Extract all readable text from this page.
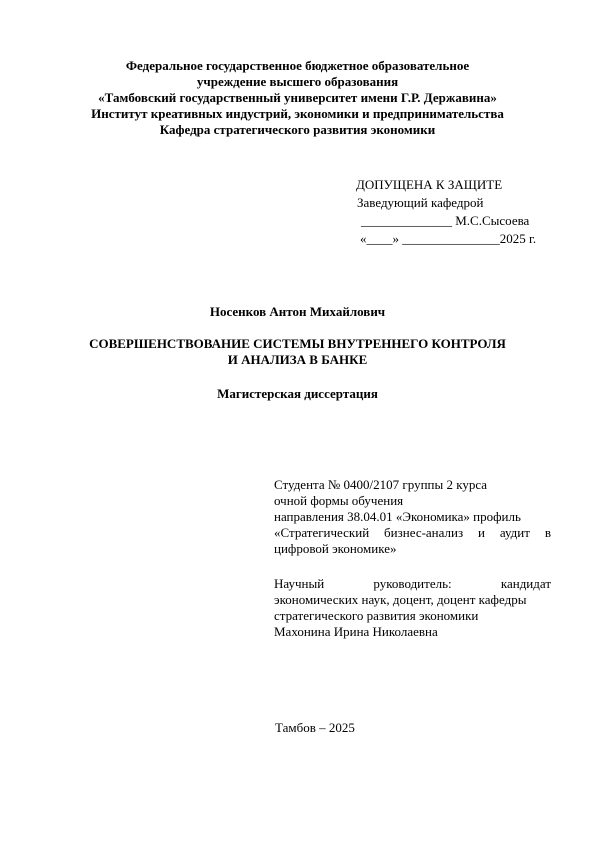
Федеральное государственное бюджетное образовательное
учреждение высшего образования
«Тамбовский государственный университет имени Г.Р. Державина»
Институт креативных индустрий, экономики и предпринимательства
Кафедра стратегического развития экономики
ДОПУЩЕНА К ЗАЩИТЕ
Заведующий кафедрой
______________ М.С.Сысоева
«____» _______________2025 г.
Носенков Антон Михайлович
СОВЕРШЕНСТВОВАНИЕ СИСТЕМЫ ВНУТРЕННЕГО КОНТРОЛЯ
И АНАЛИЗА В БАНКЕ
Магистерская диссертация
Студента № 0400/2107 группы 2 курса
очной формы обучения
направления 38.04.01 «Экономика» профиль
«Стратегический бизнес-анализ и аудит в
цифровой экономике»
Научный руководитель: кандидат
экономических наук, доцент, доцент кафедры
стратегического развития экономики
Махонина Ирина Николаевна
Тамбов – 2025
